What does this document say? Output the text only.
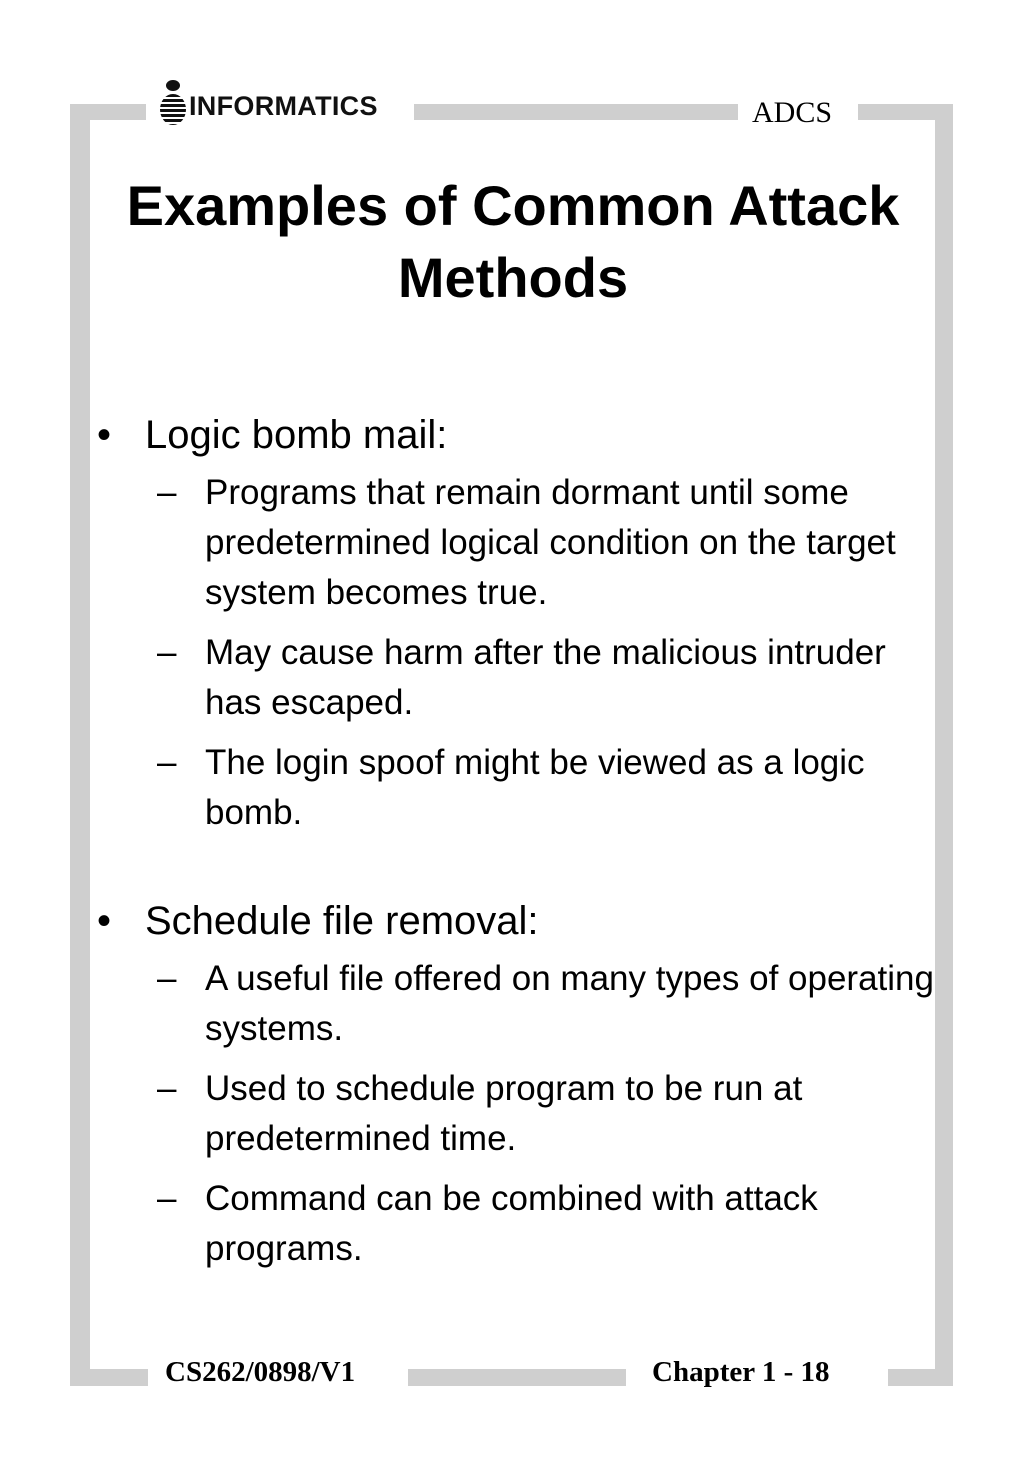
INFORMATICS	ADCS
Examples of Common Attack
Methods
• Logic bomb mail:
– Programs that remain dormant until some predetermined logical condition on the target system becomes true.
– May cause harm after the malicious intruder has escaped.
– The login spoof might be viewed as a logic bomb.
• Schedule file removal:
– A useful file offered on many types of operating systems.
– Used to schedule program to be run at predetermined time.
– Command can be combined with attack programs.
CS262/0898/V1	Chapter 1 - 18
